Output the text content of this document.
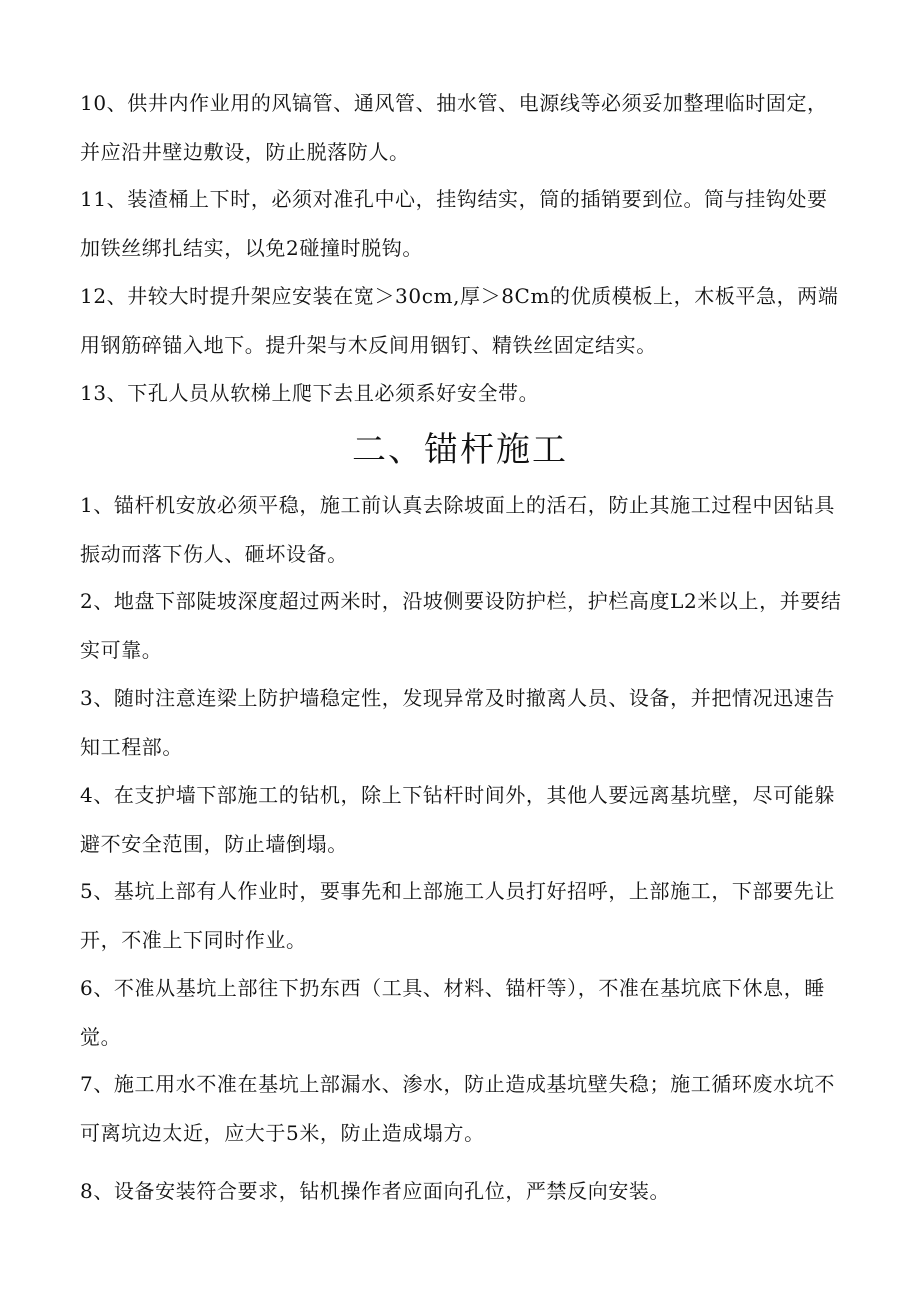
10、供井内作业用的风镐管、通风管、抽水管、电源线等必须妥加整理临时固定，并应沿井壁边敷设，防止脱落防人。

11、装渣桶上下时，必须对准孔中心，挂钩结实，筒的插销要到位。筒与挂钩处要加铁丝绑扎结实，以免2碰撞时脱钩。

12、井较大时提升架应安装在宽＞30cm,厚＞8Cm的优质模板上，木板平急，两端用钢筋碎锚入地下。提升架与木反间用铟钉、精铁丝固定结实。

13、下孔人员从软梯上爬下去且必须系好安全带。

二、锚杆施工

1、锚杆机安放必须平稳，施工前认真去除坡面上的活石，防止其施工过程中因钻具振动而落下伤人、砸坏设备。

2、地盘下部陡坡深度超过两米时，沿坡侧要设防护栏，护栏高度L2米以上，并要结实可靠。

3、随时注意连梁上防护墙稳定性，发现异常及时撤离人员、设备，并把情况迅速告知工程部。

4、在支护墙下部施工的钻机，除上下钻杆时间外，其他人要远离基坑壁，尽可能躲避不安全范围，防止墙倒塌。

5、基坑上部有人作业时，要事先和上部施工人员打好招呼，上部施工，下部要先让开，不准上下同时作业。

6、不准从基坑上部往下扔东西（工具、材料、锚杆等），不准在基坑底下休息，睡觉。

7、施工用水不准在基坑上部漏水、渗水，防止造成基坑壁失稳；施工循环废水坑不可离坑边太近，应大于5米，防止造成塌方。

8、设备安装符合要求，钻机操作者应面向孔位，严禁反向安装。
